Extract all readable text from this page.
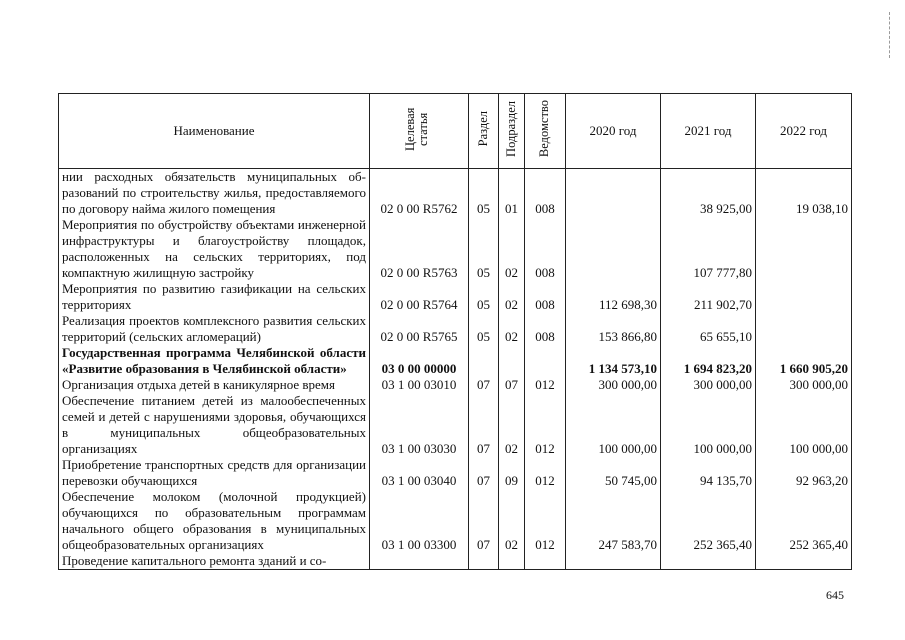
Наименование	Целевая статья	Раздел	Подраздел	Ведомство	2020 год	2021 год	2022 год
нии расходных обязательств муниципальных образований по строительству жилья, предоставляемого по договору найма жилого помещения	02 0 00 R5762	05	01	008		38 925,00	19 038,10
Мероприятия по обустройству объектами инженерной инфраструктуры и благоустройству площадок, расположенных на сельских территориях, под компактную жилищную застройку	02 0 00 R5763	05	02	008		107 777,80	
Мероприятия по развитию газификации на сельских территориях	02 0 00 R5764	05	02	008	112 698,30	211 902,70	
Реализация проектов комплексного развития сельских территорий (сельских агломераций)	02 0 00 R5765	05	02	008	153 866,80	65 655,10	
Государственная программа Челябинской области «Развитие образования в Челябинской области»	03 0 00 00000				1 134 573,10	1 694 823,20	1 660 905,20
Организация отдыха детей в каникулярное время	03 1 00 03010	07	07	012	300 000,00	300 000,00	300 000,00
Обеспечение питанием детей из малообеспеченных семей и детей с нарушениями здоровья, обучающихся в муниципальных общеобразовательных организациях	03 1 00 03030	07	02	012	100 000,00	100 000,00	100 000,00
Приобретение транспортных средств для организации перевозки обучающихся	03 1 00 03040	07	09	012	50 745,00	94 135,70	92 963,20
Обеспечение молоком (молочной продукцией) обучающихся по образовательным программам начального общего образования в муниципальных общеобразовательных организациях	03 1 00 03300	07	02	012	247 583,70	252 365,40	252 365,40
Проведение капитального ремонта зданий и со-							
645
